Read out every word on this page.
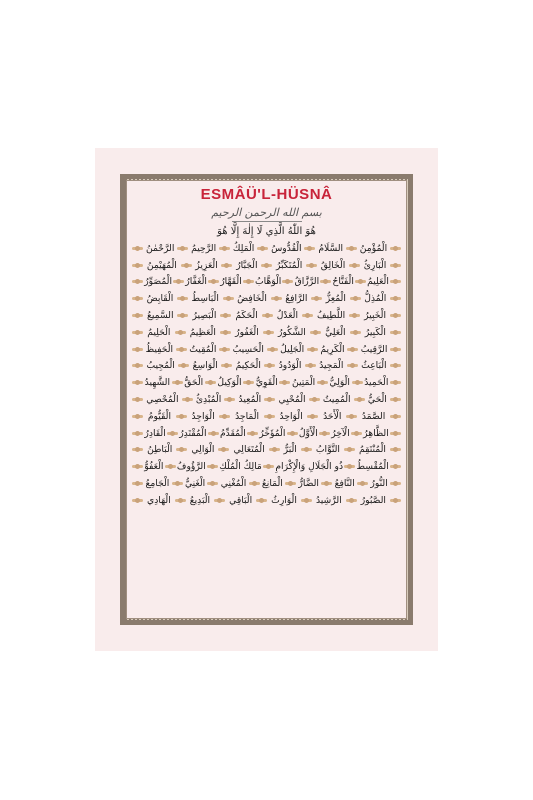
ESMÂÜ'L-HÜSNÂ
بسم الله الرحمن الرحيم
هُوَ اللّٰهُ الَّذِي لَا إِلٰهَ إِلَّا هُوَ
الرَّحْمٰنُ الرَّحِيمُ الْمَلِكُ الْقُدُّوسُ السَّلَامُ الْمُؤْمِنُ
الْمُهَيْمِنُ الْعَزِيزُ الْجَبَّارُ الْمُتَكَبِّرُ الْخَالِقُ الْبَارِئُ
الْمُصَوِّرُ الْغَفَّارُ الْقَهَّارُ الْوَهَّابُ الرَّزَّاقُ الْفَتَّاحُ الْعَلِيمُ
الْقَابِضُ الْبَاسِطُ الْخَافِضُ الرَّافِعُ الْمُعِزُّ الْمُذِلُّ
السَّمِيعُ الْبَصِيرُ الْحَكَمُ الْعَدْلُ اللَّطِيفُ الْخَبِيرُ
الْحَلِيمُ الْعَظِيمُ الْغَفُورُ الشَّكُورُ الْعَلِيُّ الْكَبِيرُ
الْحَفِيظُ الْمُقِيتُ الْحَسِيبُ الْجَلِيلُ الْكَرِيمُ الرَّقِيبُ
الْمُجِيبُ الْوَاسِعُ الْحَكِيمُ الْوَدُودُ الْمَجِيدُ الْبَاعِثُ
الشَّهِيدُ الْحَقُّ الْوَكِيلُ الْقَوِيُّ الْمَتِينُ الْوَلِيُّ الْحَمِيدُ
الْمُحْصِي الْمُبْدِئُ الْمُعِيدُ الْمُحْيِي الْمُمِيتُ الْحَيُّ
الْقَيُّومُ الْوَاجِدُ الْمَاجِدُ الْوَاحِدُ الْأَحَدُ الصَّمَدُ
الْقَادِرُ الْمُقْتَدِرُ الْمُقَدِّمُ الْمُؤَخِّرُ الْأَوَّلُ الْآخِرُ الظَّاهِرُ
الْبَاطِنُ الْوَالِي الْمُتَعَالِي الْبَرُّ التَّوَّابُ الْمُنْتَقِمُ
الْعَفُوُّ الرَّؤُوفُ مَالِكُ الْمُلْكِ ذُو الْجَلَالِ وَالْإِكْرَامِ الْمُقْسِطُ
الْجَامِعُ الْغَنِيُّ الْمُغْنِي الْمَانِعُ الضَّارُّ النَّافِعُ النُّورُ
الْهَادِي الْبَدِيعُ الْبَاقِي الْوَارِثُ الرَّشِيدُ الصَّبُورُ
